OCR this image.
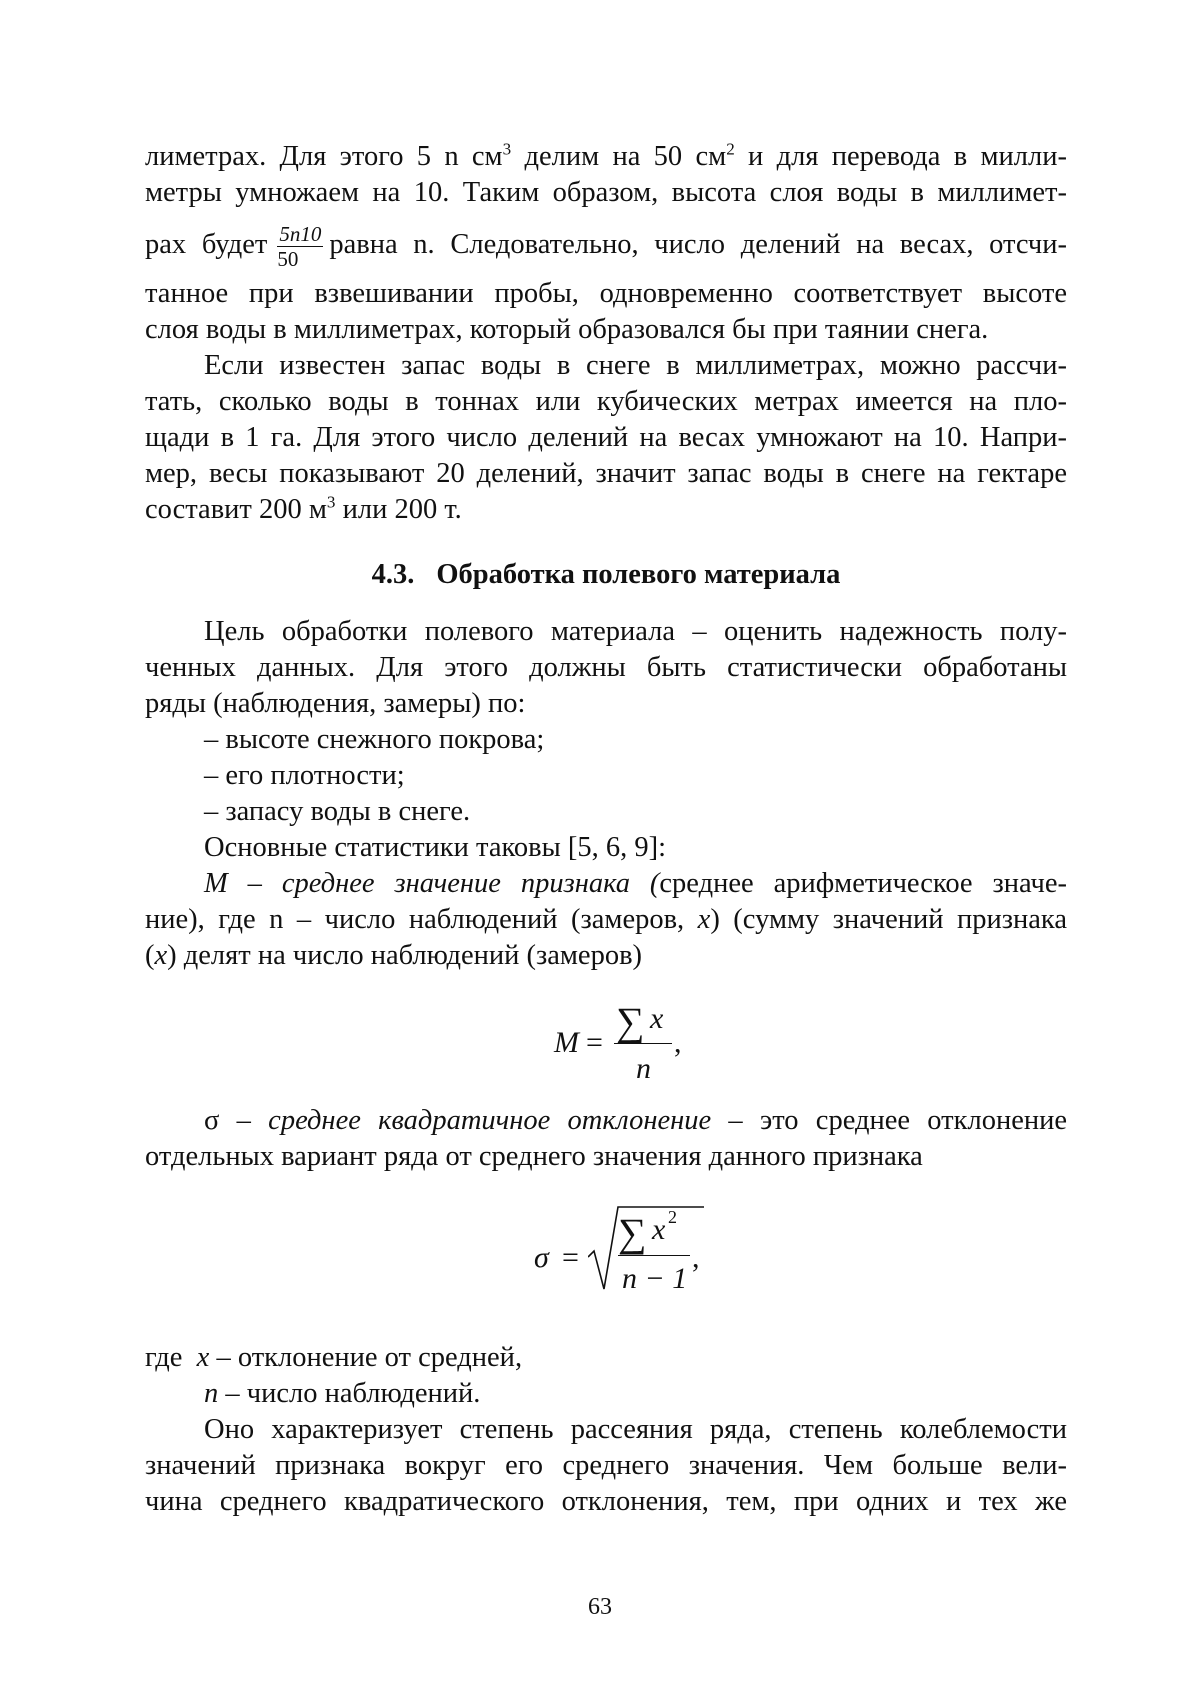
лиметрах. Для этого 5 n $см^3$ делим на 50 $см^2$ и для перевода в милли-
метры умножаем на 10. Таким образом, высота слоя воды в миллимет-
рах будет $\frac{5n10}{50}$ равна n. Следовательно, число делений на весах, отсчи-
танное при взвешивании пробы, одновременно соответствует высоте
слоя воды в миллиметрах, который образовался бы при таянии снега.
Если известен запас воды в снеге в миллиметрах, можно рассчи-
тать, сколько воды в тоннах или кубических метрах имеется на пло-
щади в 1 га. Для этого число делений на весах умножают на 10. Напри-
мер, весы показывают 20 делений, значит запас воды в снеге на гектаре
составит 200 $м^3$ или 200 т.
4.3. Обработка полевого материала
Цель обработки полевого материала – оценить надежность полу-
ченных данных. Для этого должны быть статистически обработаны
ряды (наблюдения, замеры) по:
– высоте снежного покрова;
– его плотности;
– запасу воды в снеге.
Основные статистики таковы [5, 6, 9]:
M – среднее значение признака (среднее арифметическое значе-
ние), где n – число наблюдений (замеров, x) (сумму значений признака
(x) делят на число наблюдений (замеров)
M = ∑ x
n
,
σ – среднее квадратичное отклонение – это среднее отклонение
отдельных вариант ряда от среднего значения данного признака
σ =
∑ x 2
n − 1
,
где x – отклонение от средней,
n – число наблюдений.
Оно характеризует степень рассеяния ряда, степень колеблемости
значений признака вокруг его среднего значения. Чем больше вели-
чина среднего квадратического отклонения, тем, при одних и тех же
63
